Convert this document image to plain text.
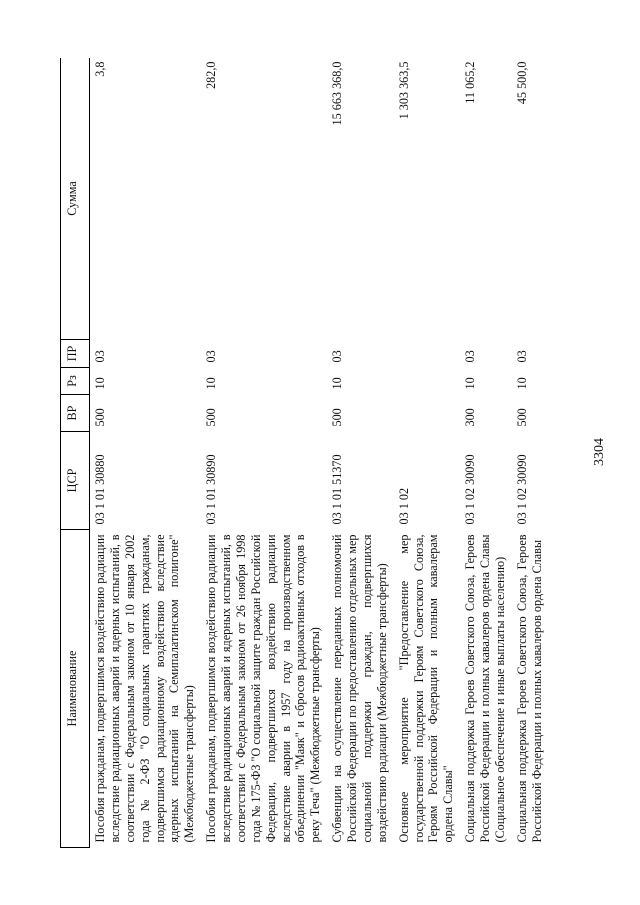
3304
Наименование	ЦСР	ВР	Рз	ПР	Сумма
Пособия гражданам, подвергшимся воздействию радиации вследствие радиационных аварий и ядерных испытаний, в соответствии с Федеральным законом от 10 января 2002 года № 2-ФЗ "О социальных гарантиях гражданам, подвергшимся радиационному воздействию вследствие ядерных испытаний на Семипалатинском полигоне" (Межбюджетные трансферты)	03 1 01 30880	500	10	03	3,8
Пособия гражданам, подвергшимся воздействию радиации вследствие радиационных аварий и ядерных испытаний, в соответствии с Федеральным законом от 26 ноября 1998 года № 175-ФЗ "О социальной защите граждан Российской Федерации, подвергшихся воздействию радиации вследствие аварии в 1957 году на производственном объединении "Маяк" и сбросов радиоактивных отходов в реку Теча" (Межбюджетные трансферты)	03 1 01 30890	500	10	03	282,0
Субвенции на осуществление переданных полномочий Российской Федерации по предоставлению отдельных мер социальной поддержки граждан, подвергшихся воздействию радиации (Межбюджетные трансферты)	03 1 01 51370	500	10	03	15 663 368,0
Основное мероприятие "Предоставление мер государственной поддержки Героям Советского Союза, Героям Российской Федерации и полным кавалерам ордена Славы"	03 1 02				1 303 363,5
Социальная поддержка Героев Советского Союза, Героев Российской Федерации и полных кавалеров ордена Славы (Социальное обеспечение и иные выплаты населению)	03 1 02 30090	300	10	03	11 065,2
Социальная поддержка Героев Советского Союза, Героев Российской Федерации и полных кавалеров ордена Славы	03 1 02 30090	500	10	03	45 500,0
